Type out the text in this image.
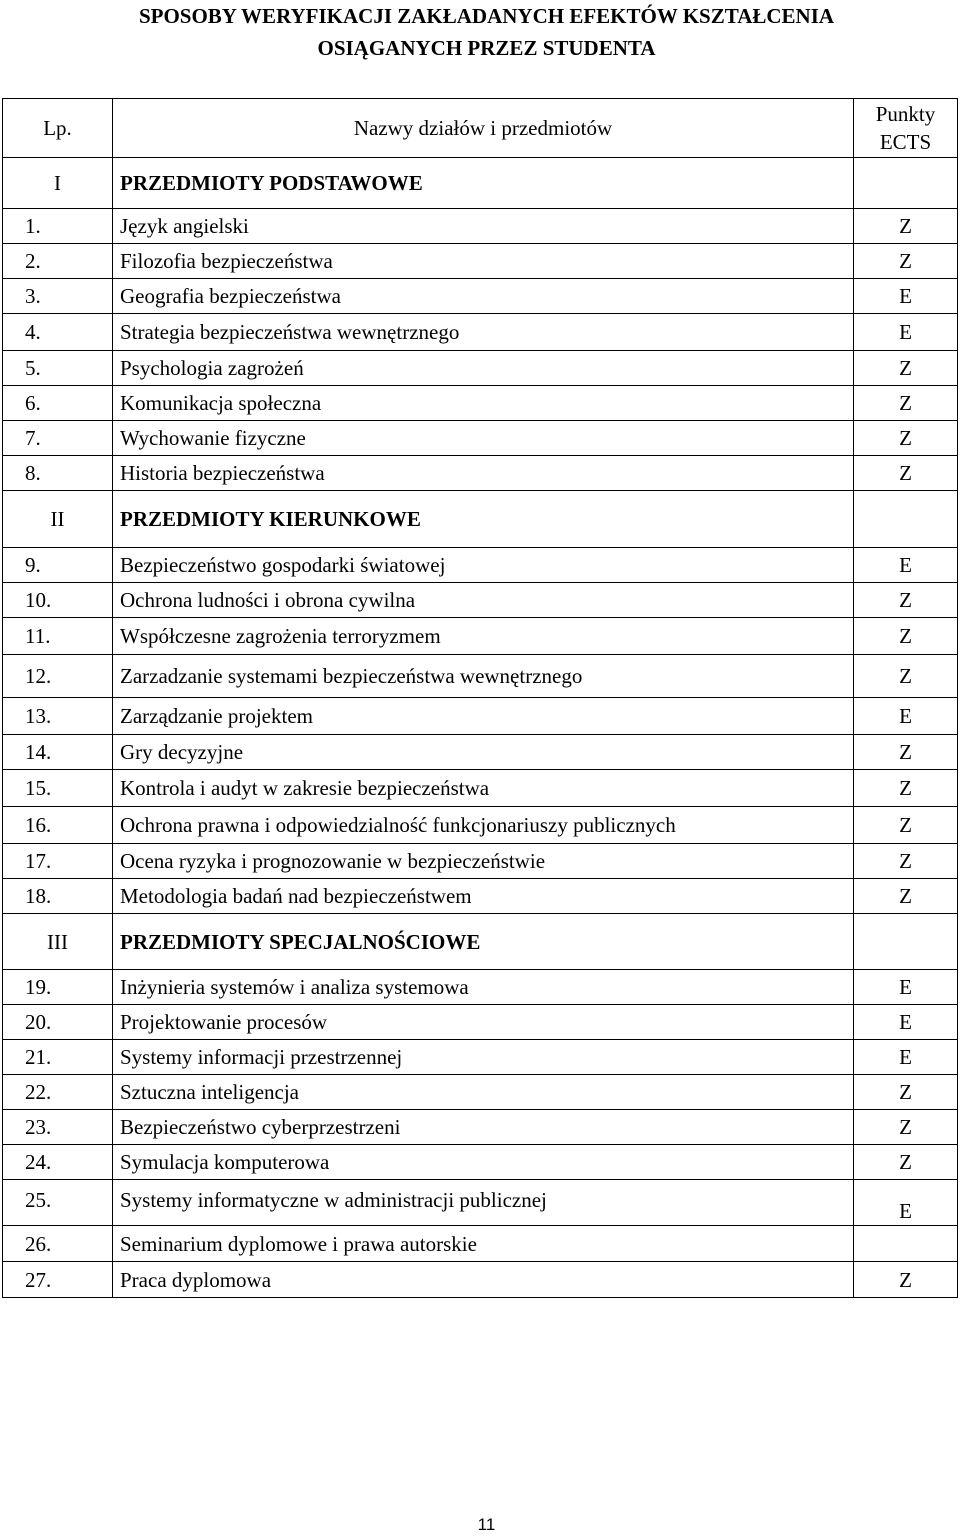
SPOSOBY WERYFIKACJI ZAKŁADANYCH EFEKTÓW KSZTAŁCENIA
OSIĄGANYCH PRZEZ STUDENTA
Lp.	Nazwy działów i przedmiotów	Punkty
ECTS
I	PRZEDMIOTY PODSTAWOWE	
1.	Język angielski	Z
2.	Filozofia bezpieczeństwa	Z
3.	Geografia bezpieczeństwa	E
4.	Strategia bezpieczeństwa wewnętrznego	E
5.	Psychologia zagrożeń	Z
6.	Komunikacja społeczna	Z
7.	Wychowanie fizyczne	Z
8.	Historia bezpieczeństwa	Z
II	PRZEDMIOTY KIERUNKOWE	
9.	Bezpieczeństwo gospodarki światowej	E
10.	Ochrona ludności i obrona cywilna	Z
11.	Współczesne zagrożenia terroryzmem	Z
12.	Zarzadzanie systemami bezpieczeństwa wewnętrznego	Z
13.	Zarządzanie projektem	E
14.	Gry decyzyjne	Z
15.	Kontrola i audyt w zakresie bezpieczeństwa	Z
16.	Ochrona prawna i odpowiedzialność funkcjonariuszy publicznych	Z
17.	Ocena ryzyka i prognozowanie w bezpieczeństwie	Z
18.	Metodologia badań nad bezpieczeństwem	Z
III	PRZEDMIOTY SPECJALNOŚCIOWE	
19.	Inżynieria systemów i analiza systemowa	E
20.	Projektowanie procesów	E
21.	Systemy informacji przestrzennej	E
22.	Sztuczna inteligencja	Z
23.	Bezpieczeństwo cyberprzestrzeni	Z
24.	Symulacja komputerowa	Z
25.	Systemy informatyczne w administracji publicznej	E
26.	Seminarium dyplomowe i prawa autorskie	
27.	Praca dyplomowa	Z
11
